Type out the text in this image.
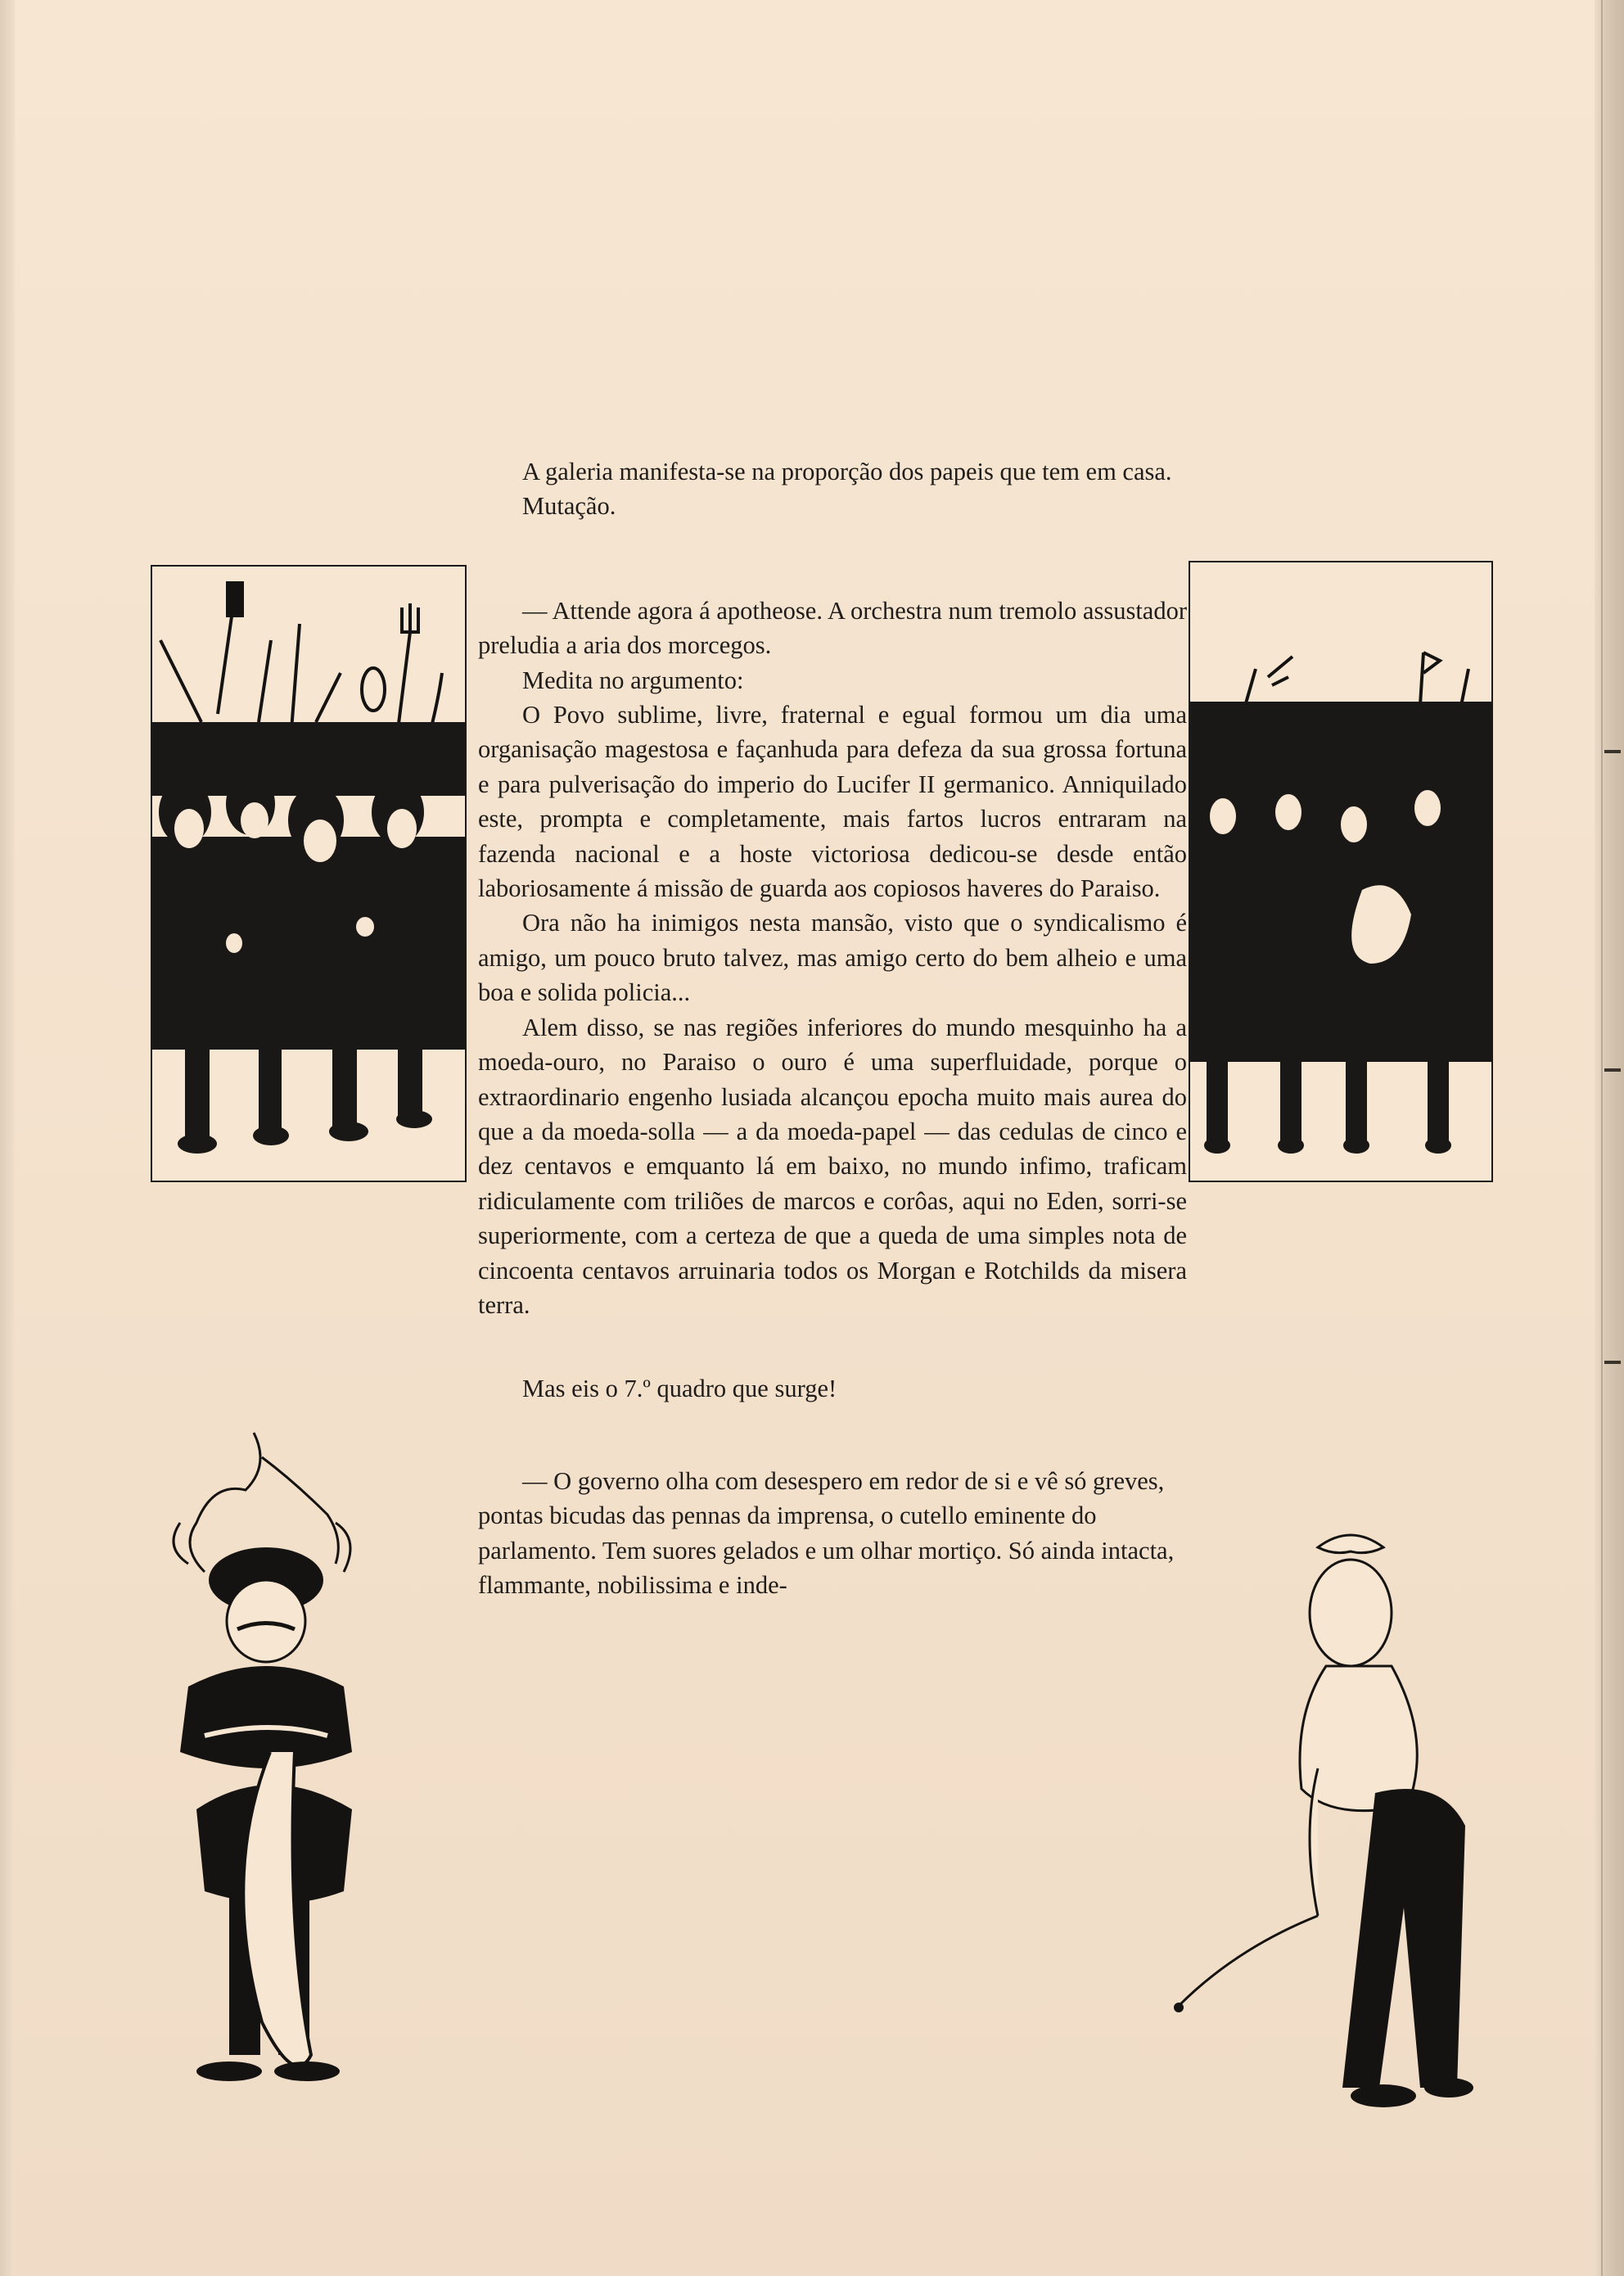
A galeria manifesta-se na proporção dos papeis que tem em casa.

Mutação.

— Attende agora á apotheose. A orchestra num tremolo assustador preludia a aria dos morcegos.

Medita no argumento:

O Povo sublime, livre, fraternal e egual formou um dia uma organisação magestosa e façanhuda para defeza da sua grossa fortuna e para pulverisação do imperio do Lucifer II germanico. Anniquilado este, prompta e completamente, mais fartos lucros entraram na fazenda nacional e a hoste victoriosa dedicou-se desde então laboriosamente á missão de guarda aos copiosos haveres do Paraiso.

Ora não ha inimigos nesta mansão, visto que o syndicalismo é amigo, um pouco bruto talvez, mas amigo certo do bem alheio e uma boa e solida policia...

Alem disso, se nas regiões inferiores do mundo mesquinho ha a moeda-ouro, no Paraiso o ouro é uma superfluidade, porque o extraordinario engenho lusiada alcançou epocha muito mais aurea do que a da moeda-solla — a da moeda-papel — das cedulas de cinco e dez centavos e emquanto lá em baixo, no mundo infimo, traficam ridiculamente com triliões de marcos e corôas, aqui no Eden, sorri-se superiormente, com a certeza de que a queda de uma simples nota de cincoenta centavos arruinaria todos os Morgan e Rotchilds da misera terra.

Mas eis o 7.º quadro que surge!

— O governo olha com desespero em redor de si e vê só greves, pontas bicudas das pennas da imprensa, o cutello eminente do parlamento. Tem suores gelados e um olhar mortiço. Só ainda intacta, flammante, nobilissima e inde-
